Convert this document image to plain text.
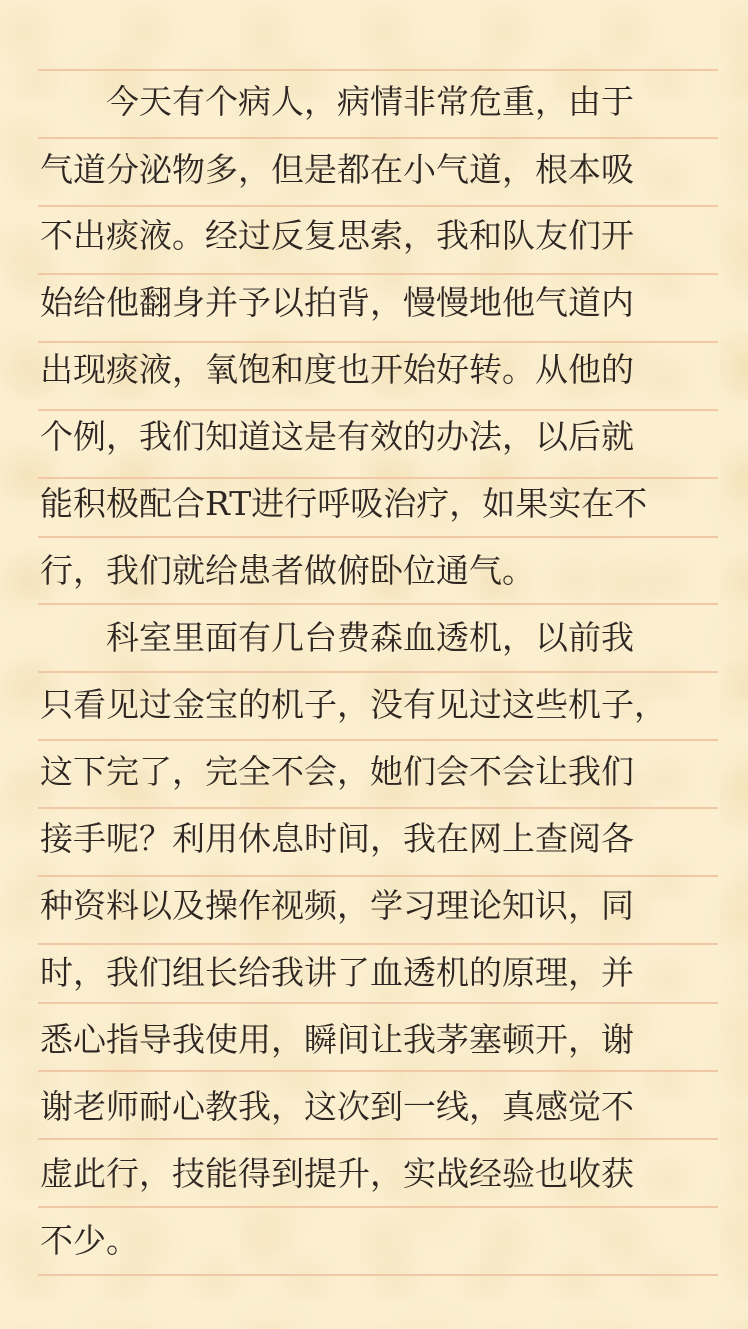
　　今天有个病人，病情非常危重，由于
气道分泌物多，但是都在小气道，根本吸
不出痰液。经过反复思索，我和队友们开
始给他翻身并予以拍背，慢慢地他气道内
出现痰液，氧饱和度也开始好转。从他的
个例，我们知道这是有效的办法，以后就
能积极配合RT进行呼吸治疗，如果实在不
行，我们就给患者做俯卧位通气。
　　科室里面有几台费森血透机，以前我
只看见过金宝的机子，没有见过这些机子，
这下完了，完全不会，她们会不会让我们
接手呢？利用休息时间，我在网上查阅各
种资料以及操作视频，学习理论知识，同
时，我们组长给我讲了血透机的原理，并
悉心指导我使用，瞬间让我茅塞顿开，谢
谢老师耐心教我，这次到一线，真感觉不
虚此行，技能得到提升，实战经验也收获
不少。
